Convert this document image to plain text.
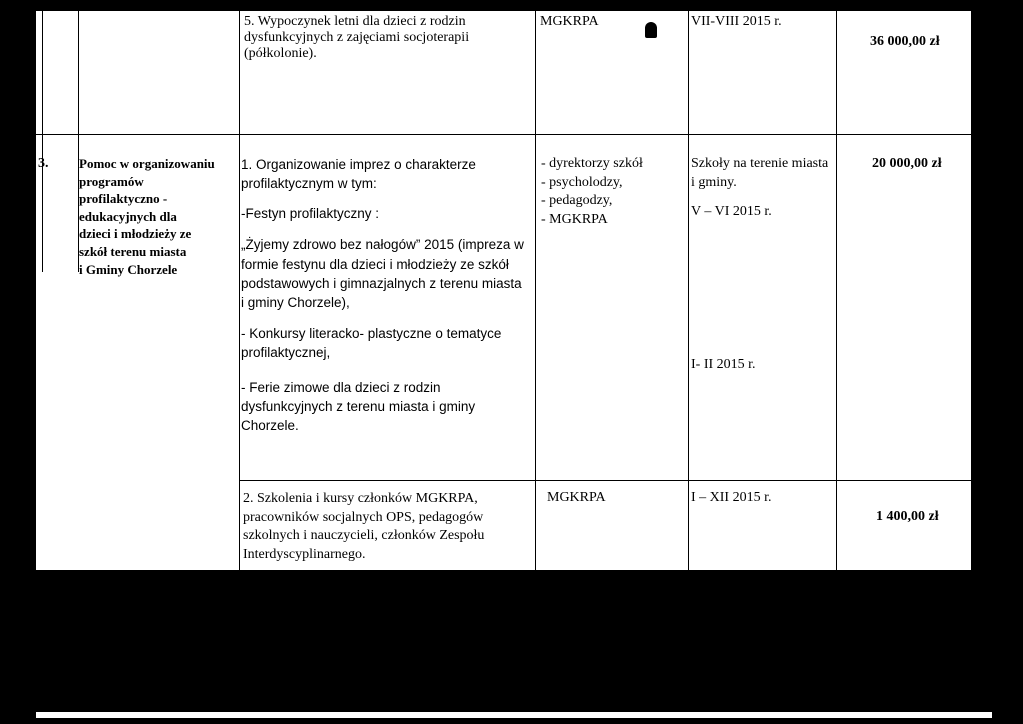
5. Wypoczynek letni dla dzieci z rodzin
dysfunkcyjnych z zajęciami socjoterapii
(półkolonie).
MGKRPA	VII-VIII 2015 r.
36 000,00 zł
3. Pomoc w organizowaniu
programów
profilaktyczno -
edukacyjnych dla
dzieci i młodzieży ze
szkół terenu miasta
i Gminy Chorzele
1. Organizowanie imprez o charakterze
profilaktycznym w tym:
-Festyn profilaktyczny :
„Żyjemy zdrowo bez nałogów” 2015 (impreza w
formie festynu dla dzieci i młodzieży ze szkół
podstawowych i gimnazjalnych z terenu miasta
i gminy Chorzele),
- Konkursy literacko- plastyczne o tematyce
profilaktycznej,
- Ferie zimowe dla dzieci z rodzin
dysfunkcyjnych z terenu miasta i gminy
Chorzele.
- dyrektorzy szkół
- psycholodzy,
- pedagodzy,
- MGKRPA
Szkoły na terenie miasta
i gminy.
V – VI 2015 r.
I- II 2015 r.
20 000,00 zł
2. Szkolenia i kursy członków MGKRPA,
pracowników socjalnych OPS, pedagogów
szkolnych i nauczycieli, członków Zespołu
Interdyscyplinarnego.
MGKRPA	I – XII 2015 r.
1 400,00 zł
